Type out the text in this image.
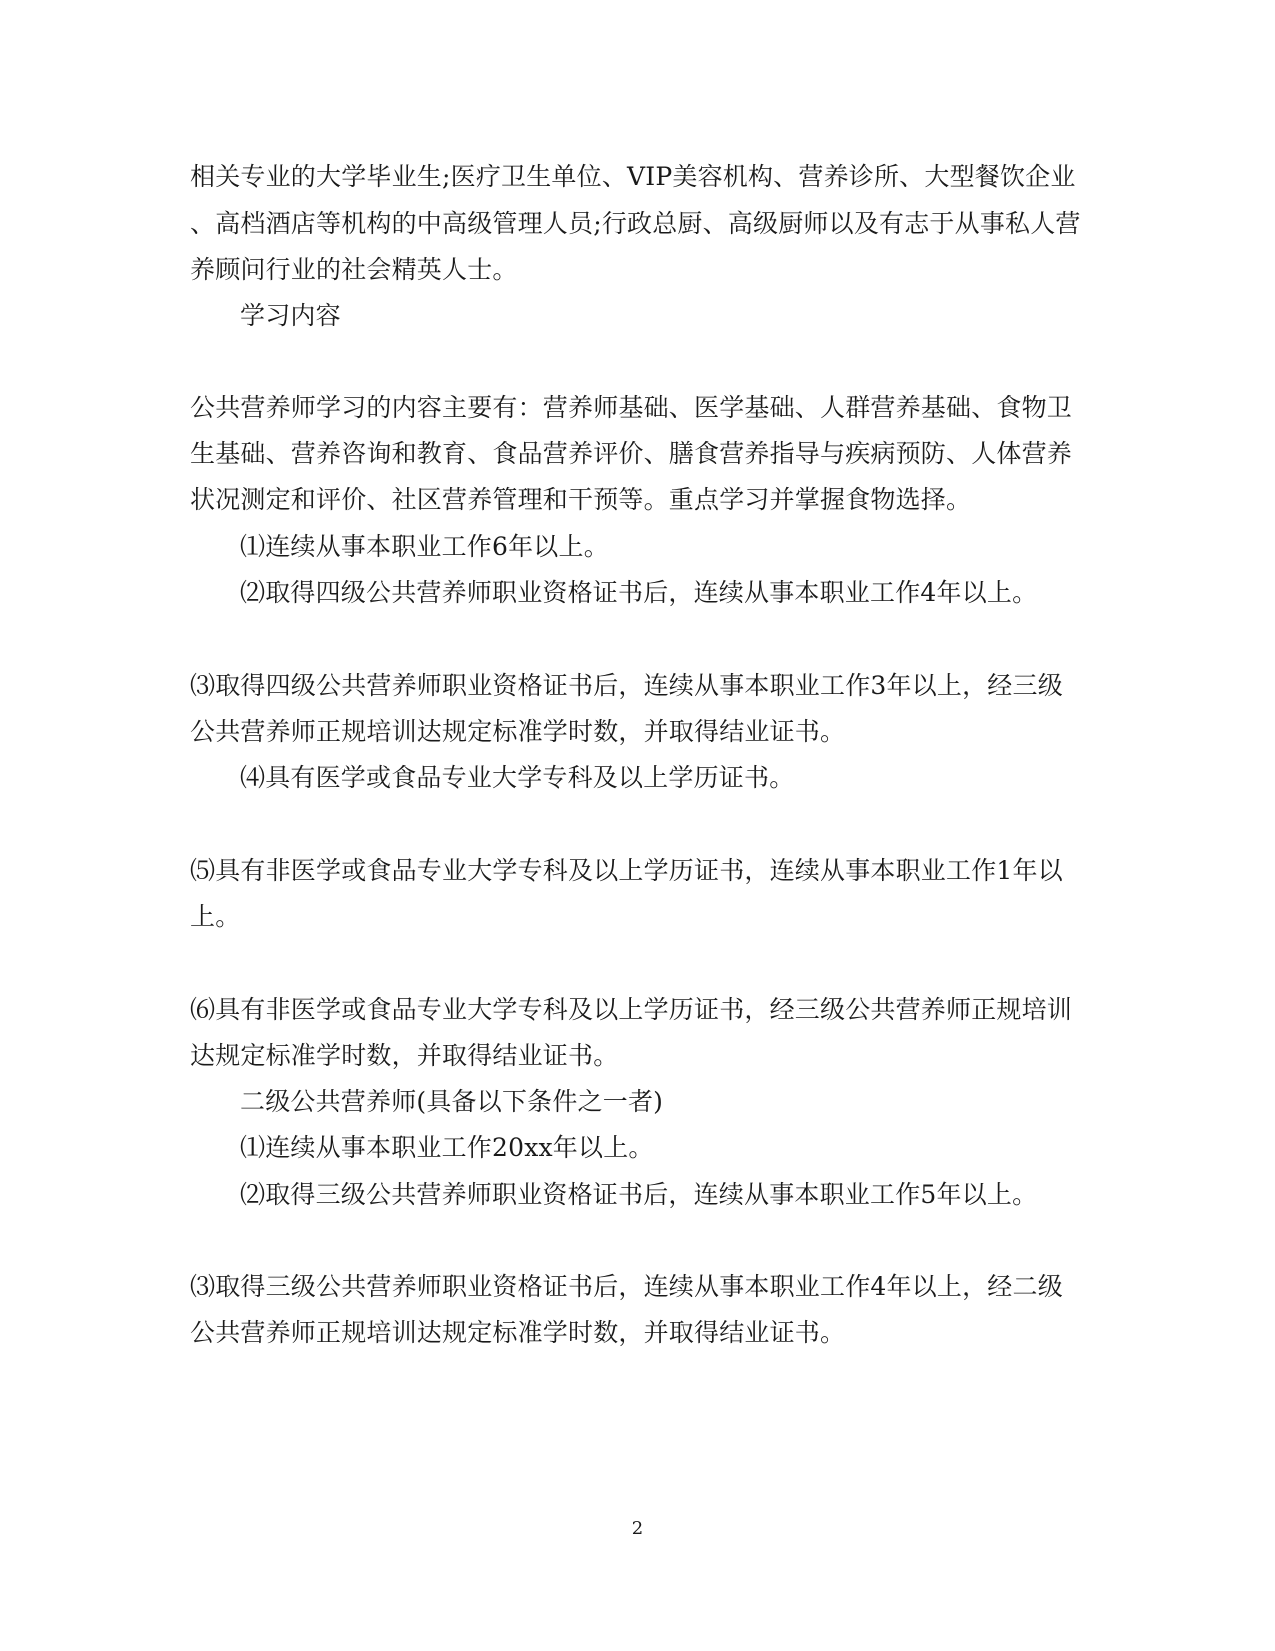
相关专业的大学毕业生;医疗卫生单位、VIP美容机构、营养诊所、大型餐饮企业
、高档酒店等机构的中高级管理人员;行政总厨、高级厨师以及有志于从事私人营
养顾问行业的社会精英人士。
学习内容
公共营养师学习的内容主要有：营养师基础、医学基础、人群营养基础、食物卫
生基础、营养咨询和教育、食品营养评价、膳食营养指导与疾病预防、人体营养
状况测定和评价、社区营养管理和干预等。重点学习并掌握食物选择。
⑴连续从事本职业工作6年以上。
⑵取得四级公共营养师职业资格证书后，连续从事本职业工作4年以上。
⑶取得四级公共营养师职业资格证书后，连续从事本职业工作3年以上，经三级
公共营养师正规培训达规定标准学时数，并取得结业证书。
⑷具有医学或食品专业大学专科及以上学历证书。
⑸具有非医学或食品专业大学专科及以上学历证书，连续从事本职业工作1年以
上。
⑹具有非医学或食品专业大学专科及以上学历证书，经三级公共营养师正规培训
达规定标准学时数，并取得结业证书。
二级公共营养师(具备以下条件之一者)
⑴连续从事本职业工作20xx年以上。
⑵取得三级公共营养师职业资格证书后，连续从事本职业工作5年以上。
⑶取得三级公共营养师职业资格证书后，连续从事本职业工作4年以上，经二级
公共营养师正规培训达规定标准学时数，并取得结业证书。
2
